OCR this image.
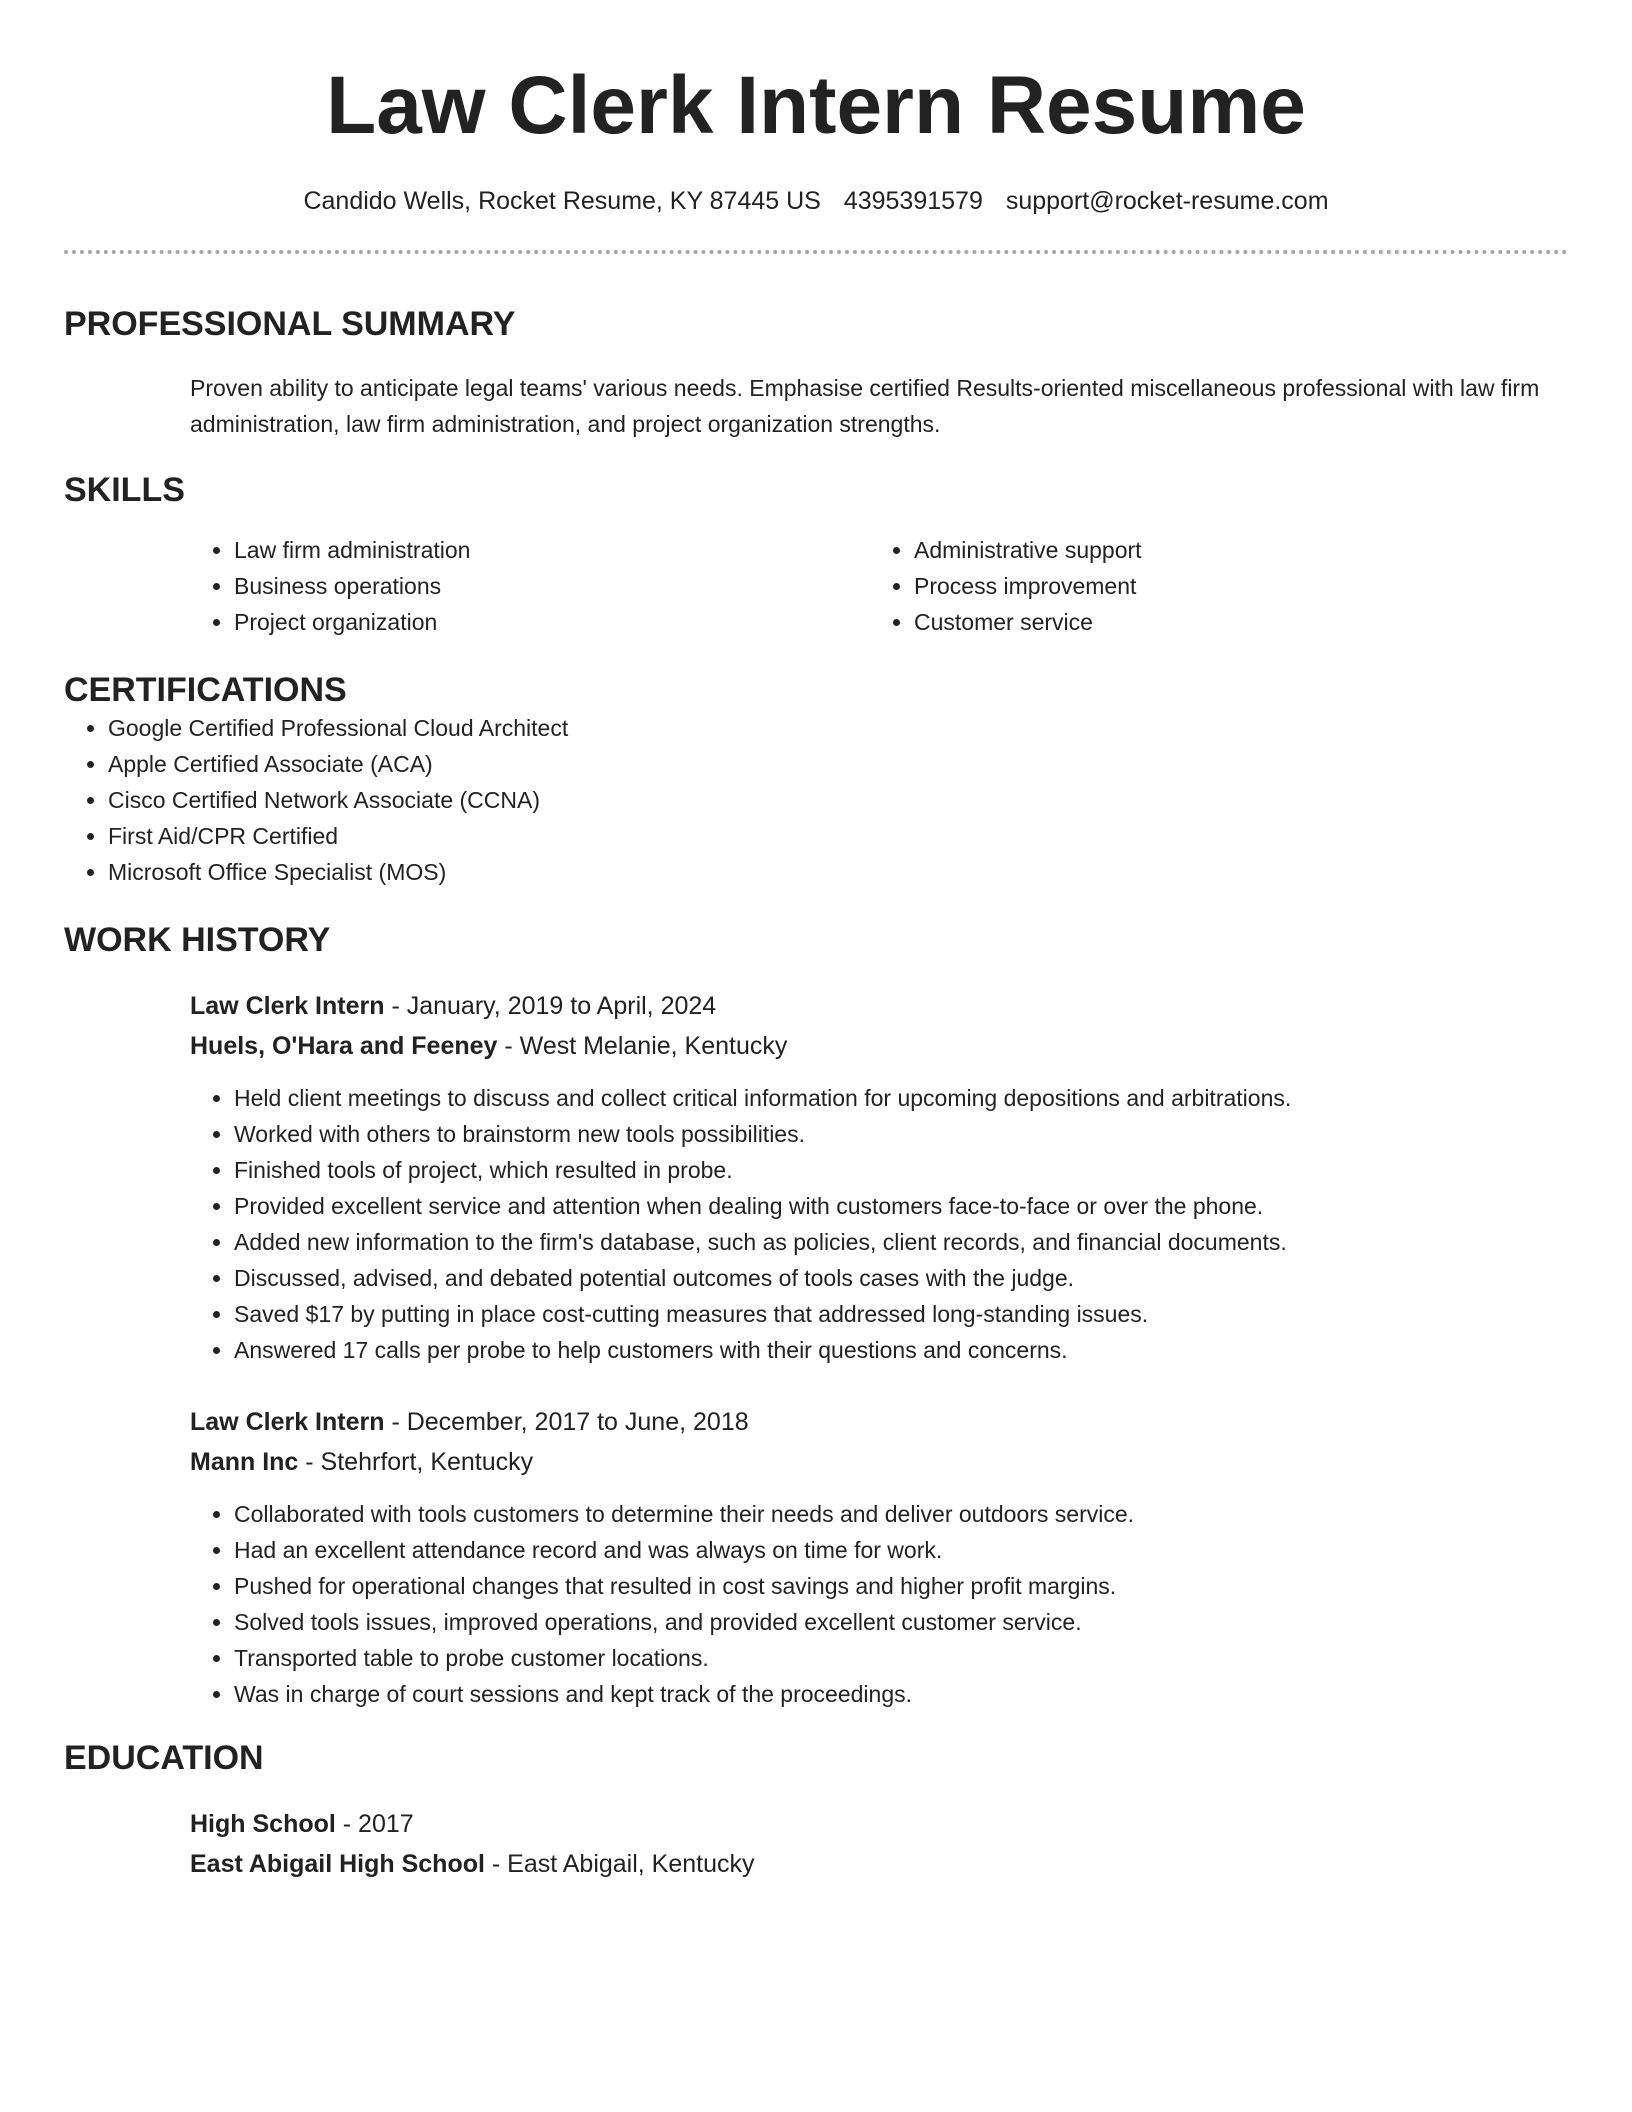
Law Clerk Intern Resume
Candido Wells, Rocket Resume, KY 87445 US 4395391579 support@rocket-resume.com
PROFESSIONAL SUMMARY

Proven ability to anticipate legal teams' various needs. Emphasise certified Results-oriented miscellaneous professional with law firm administration, law firm administration, and project organization strengths.

SKILLS
• Law firm administration
• Business operations
• Project organization
• Administrative support
• Process improvement
• Customer service
CERTIFICATIONS
• Google Certified Professional Cloud Architect
• Apple Certified Associate (ACA)
• Cisco Certified Network Associate (CCNA)
• First Aid/CPR Certified
• Microsoft Office Specialist (MOS)
WORK HISTORY
Law Clerk Intern - January, 2019 to April, 2024
Huels, O'Hara and Feeney - West Melanie, Kentucky
• Held client meetings to discuss and collect critical information for upcoming depositions and arbitrations.
• Worked with others to brainstorm new tools possibilities.
• Finished tools of project, which resulted in probe.
• Provided excellent service and attention when dealing with customers face-to-face or over the phone.
• Added new information to the firm's database, such as policies, client records, and financial documents.
• Discussed, advised, and debated potential outcomes of tools cases with the judge.
• Saved $17 by putting in place cost-cutting measures that addressed long-standing issues.
• Answered 17 calls per probe to help customers with their questions and concerns.
Law Clerk Intern - December, 2017 to June, 2018
Mann Inc - Stehrfort, Kentucky
• Collaborated with tools customers to determine their needs and deliver outdoors service.
• Had an excellent attendance record and was always on time for work.
• Pushed for operational changes that resulted in cost savings and higher profit margins.
• Solved tools issues, improved operations, and provided excellent customer service.
• Transported table to probe customer locations.
• Was in charge of court sessions and kept track of the proceedings.
EDUCATION
High School - 2017
East Abigail High School - East Abigail, Kentucky
